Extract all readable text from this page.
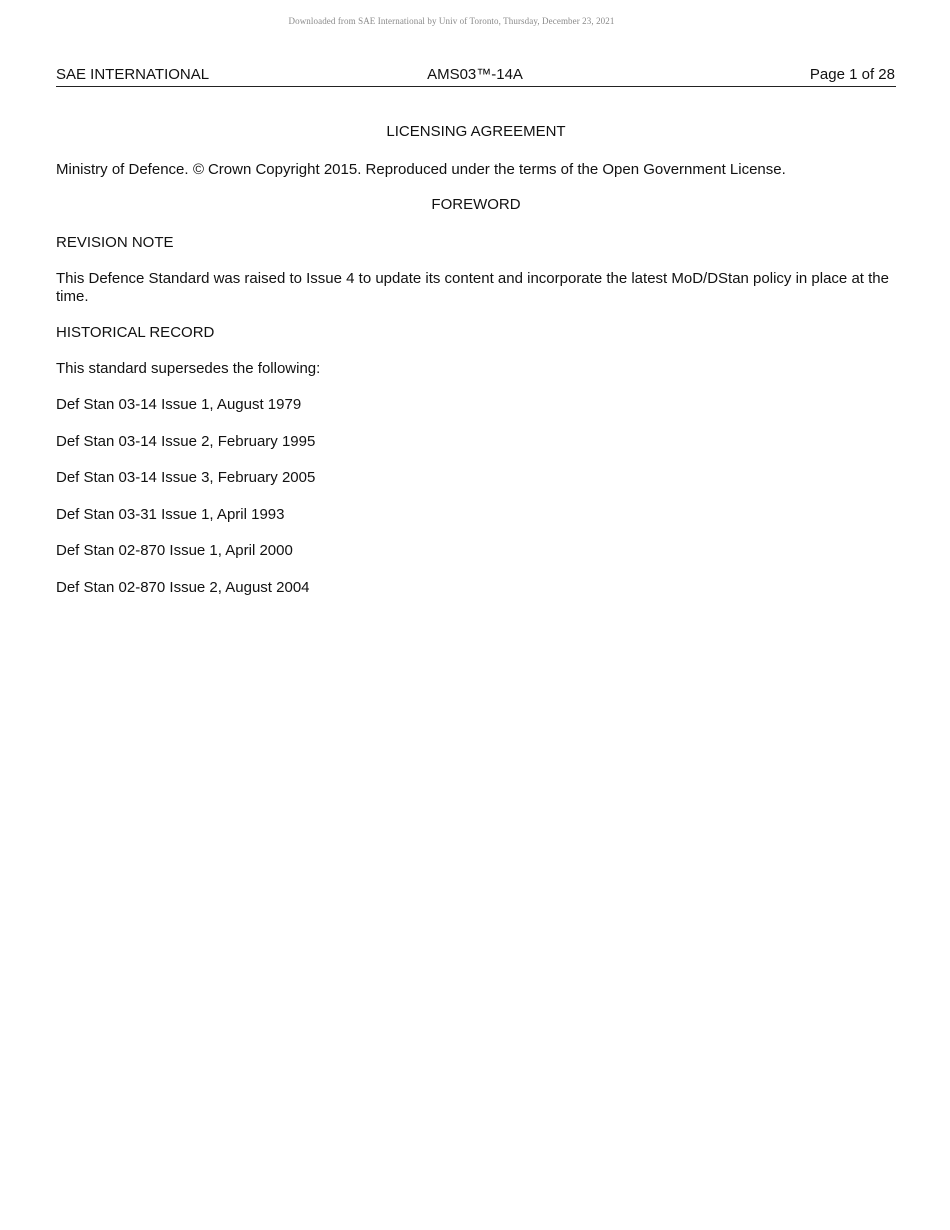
Downloaded from SAE International by Univ of Toronto, Thursday, December 23, 2021
SAE INTERNATIONAL	AMS03™-14A	Page 1 of 28

LICENSING AGREEMENT

Ministry of Defence. © Crown Copyright 2015. Reproduced under the terms of the Open Government License.

FOREWORD

REVISION NOTE

This Defence Standard was raised to Issue 4 to update its content and incorporate the latest MoD/DStan policy in place at the time.

HISTORICAL RECORD

This standard supersedes the following:

Def Stan 03-14 Issue 1, August 1979
Def Stan 03-14 Issue 2, February 1995
Def Stan 03-14 Issue 3, February 2005
Def Stan 03-31 Issue 1, April 1993
Def Stan 02-870 Issue 1, April 2000
Def Stan 02-870 Issue 2, August 2004
